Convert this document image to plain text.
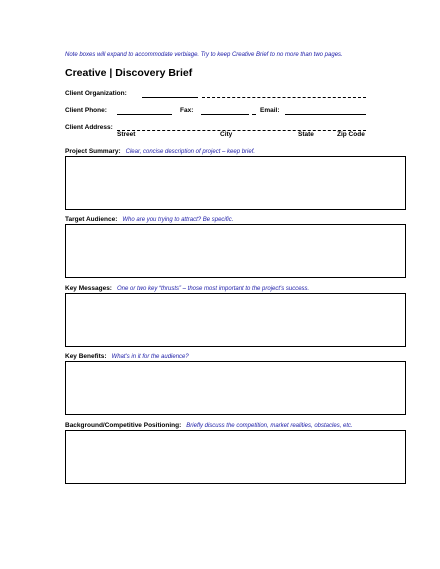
Note boxes will expand to accommodate verbiage. Try to keep Creative Brief to no more than two pages.
Creative | Discovery Brief
Client Organization:
Client Phone:	Fax:	Email:
Client Address:
Street	City	State	Zip Code
Project Summary: Clear, concise description of project – keep brief.
Target Audience: Who are you trying to attract? Be specific.
Key Messages: One or two key “thrusts” – those most important to the project's success.
Key Benefits: What's in it for the audience?
Background/Competitive Positioning: Briefly discuss the competition, market realities, obstacles, etc.
